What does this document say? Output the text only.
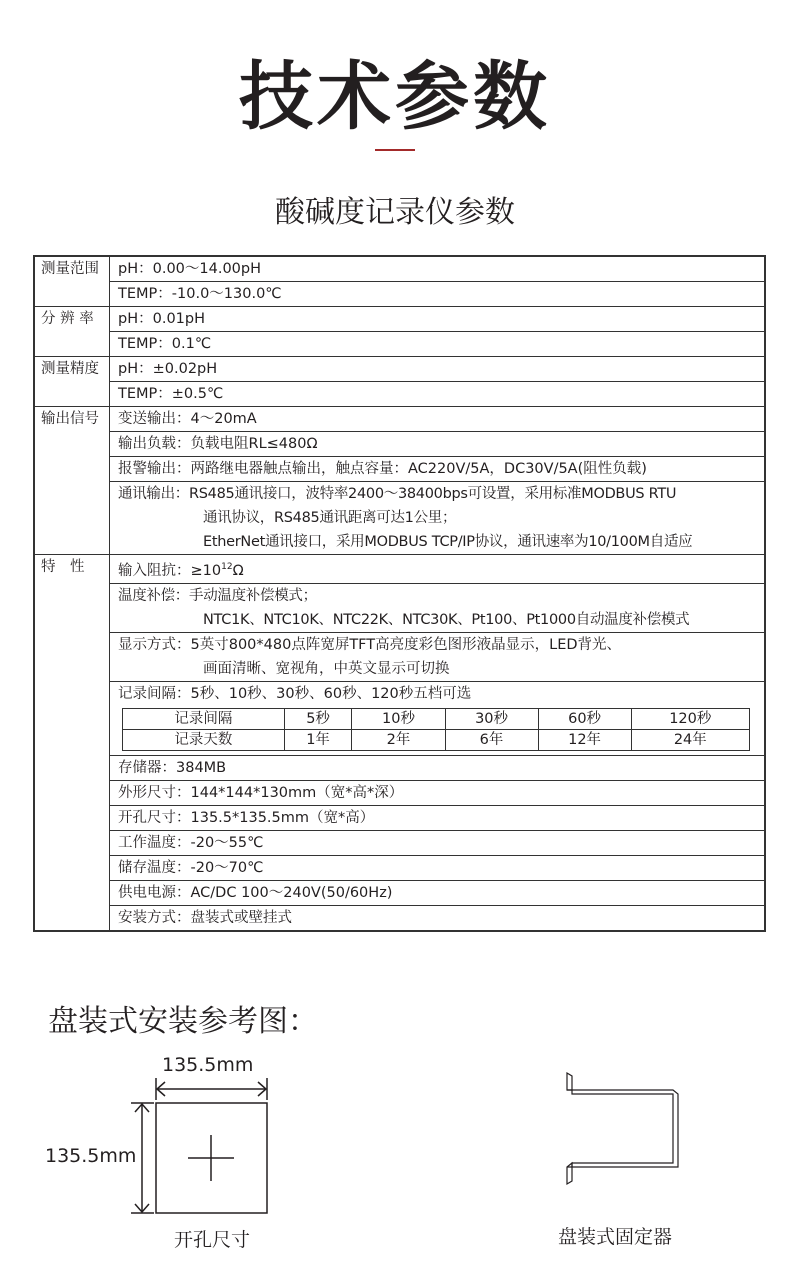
技术参数
酸碱度记录仪参数
测量范围	pH：0.00～14.00pH
TEMP：-10.0～130.0℃
分 辨 率	pH：0.01pH
TEMP：0.1℃
测量精度	pH：±0.02pH
TEMP：±0.5℃
输出信号	变送输出：4～20mA
输出负载：负载电阻RL≤480Ω
报警输出：两路继电器触点输出，触点容量：AC220V/5A，DC30V/5A(阻性负载)

通讯输出：RS485通讯接口，波特率2400～38400bps可设置，采用标准MODBUS RTU
通讯协议，RS485通讯距离可达1公里；
EtherNet通讯接口，采用MODBUS TCP/IP协议，通讯速率为10/100M自适应

特　性	输入阻抗：$\ge 10^{12}\Omega$

温度补偿：手动温度补偿模式；
NTC1K、NTC10K、NTC22K、NTC30K、Pt100、Pt1000自动温度补偿模式

显示方式：5英寸800*480点阵宽屏TFT高亮度彩色图形液晶显示，LED背光、
画面清晰、宽视角，中英文显示可切换

记录间隔：5秒、10秒、30秒、60秒、120秒五档可选
记录间隔	5秒	10秒	30秒	60秒	120秒
记录天数	1年	2年	6年	12年	24年

存储器：384MB
外形尺寸：144*144*130mm（宽*高*深）
开孔尺寸：135.5*135.5mm（宽*高）
工作温度：-20～55℃
储存温度：-20～70℃
供电电源：AC/DC 100～240V(50/60Hz)
安装方式：盘装式或壁挂式
盘装式安装参考图：
135.5mm
135.5mm
开孔尺寸	盘装式固定器
